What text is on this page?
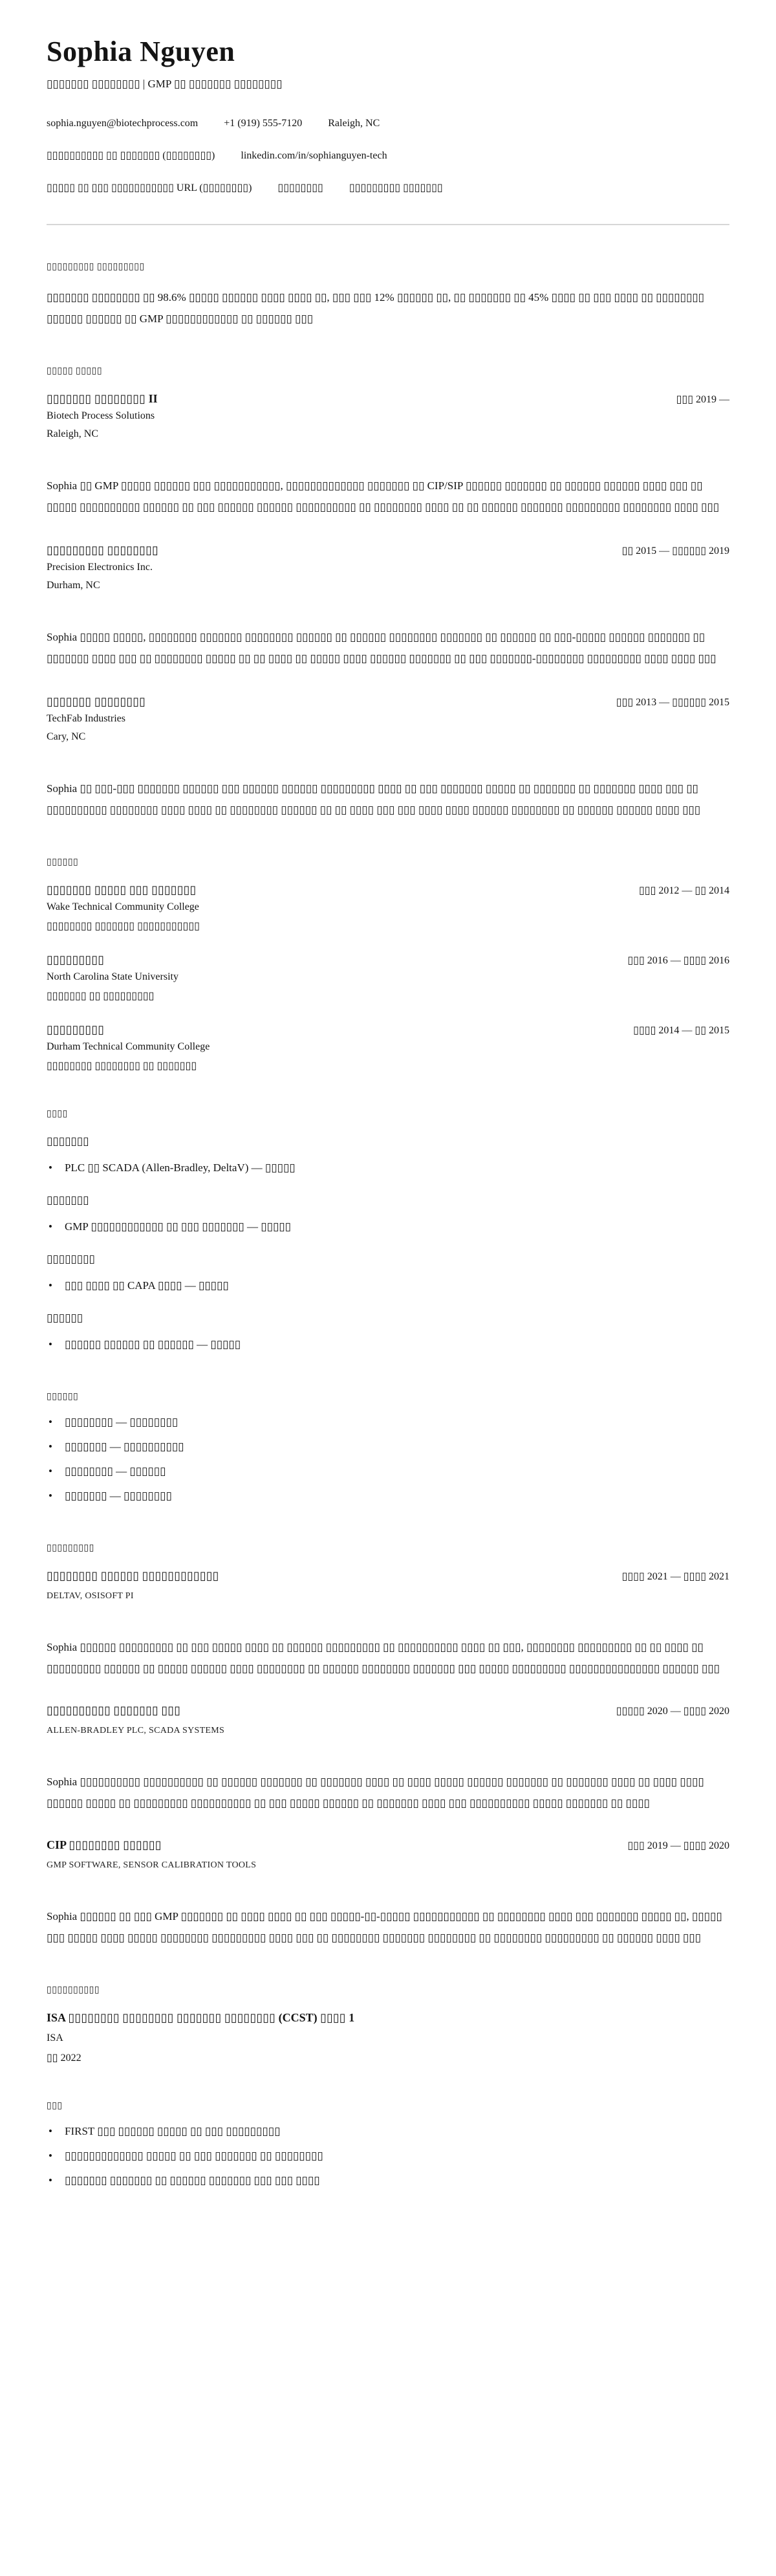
Sophia Nguyen
▯▯▯▯▯▯▯ ▯▯▯▯▯▯▯▯ | GMP ▯▯ ▯▯▯▯▯▯▯ ▯▯▯▯▯▯▯▯
sophia.nguyen@biotechprocess.com	+1 (919) 555-7120	Raleigh, NC
▯▯▯▯▯▯▯▯▯▯ ▯▯ ▯▯▯▯▯▯▯ (▯▯▯▯▯▯▯▯)	linkedin.com/in/sophianguyen-tech
▯▯▯▯▯ ▯▯ ▯▯▯ ▯▯▯▯▯▯▯▯▯▯▯ URL (▯▯▯▯▯▯▯▯)	▯▯▯▯▯▯▯▯	▯▯▯▯▯▯▯▯▯ ▯▯▯▯▯▯▯
▯▯▯▯▯▯▯▯▯ ▯▯▯▯▯▯▯▯▯
▯▯▯▯▯▯▯ ▯▯▯▯▯▯▯▯ ▯▯ 98.6% ▯▯▯▯▯ ▯▯▯▯▯▯ ▯▯▯▯ ▯▯▯▯ ▯▯, ▯▯▯ ▯▯▯ 12% ▯▯▯▯▯▯ ▯▯, ▯▯ ▯▯▯▯▯▯▯ ▯▯ 45% ▯▯▯▯ ▯▯ ▯▯▯ ▯▯▯▯ ▯▯ ▯▯▯▯▯▯▯▯ ▯▯▯▯▯▯ ▯▯▯▯▯▯ ▯▯ GMP ▯▯▯▯▯▯▯▯▯▯▯▯ ▯▯ ▯▯▯▯▯▯ ▯▯▯
▯▯▯▯▯ ▯▯▯▯▯
▯▯▯▯▯▯▯ ▯▯▯▯▯▯▯▯ II	▯▯▯ 2019 —
Biotech Process Solutions
Raleigh, NC
Sophia ▯▯ GMP ▯▯▯▯▯ ▯▯▯▯▯▯ ▯▯▯ ▯▯▯▯▯▯▯▯▯▯▯, ▯▯▯▯▯▯▯▯▯▯▯▯▯ ▯▯▯▯▯▯▯ ▯▯ CIP/SIP ▯▯▯▯▯▯ ▯▯▯▯▯▯▯ ▯▯ ▯▯▯▯▯▯ ▯▯▯▯▯▯ ▯▯▯▯ ▯▯▯ ▯▯ ▯▯▯▯▯ ▯▯▯▯▯▯▯▯▯▯ ▯▯▯▯▯▯ ▯▯ ▯▯▯ ▯▯▯▯▯▯ ▯▯▯▯▯▯ ▯▯▯▯▯▯▯▯▯▯ ▯▯ ▯▯▯▯▯▯▯▯ ▯▯▯▯ ▯▯ ▯▯ ▯▯▯▯▯▯ ▯▯▯▯▯▯▯ ▯▯▯▯▯▯▯▯▯ ▯▯▯▯▯▯▯▯ ▯▯▯▯ ▯▯▯
▯▯▯▯▯▯▯▯▯ ▯▯▯▯▯▯▯▯	▯▯ 2015 — ▯▯▯▯▯▯ 2019
Precision Electronics Inc.
Durham, NC
Sophia ▯▯▯▯▯ ▯▯▯▯▯, ▯▯▯▯▯▯▯▯ ▯▯▯▯▯▯▯ ▯▯▯▯▯▯▯▯ ▯▯▯▯▯▯ ▯▯ ▯▯▯▯▯▯ ▯▯▯▯▯▯▯▯ ▯▯▯▯▯▯▯ ▯▯ ▯▯▯▯▯▯ ▯▯ ▯▯▯-▯▯▯▯▯ ▯▯▯▯▯▯ ▯▯▯▯▯▯▯ ▯▯ ▯▯▯▯▯▯▯ ▯▯▯▯ ▯▯▯ ▯▯ ▯▯▯▯▯▯▯▯ ▯▯▯▯▯ ▯▯ ▯▯ ▯▯▯▯ ▯▯ ▯▯▯▯▯ ▯▯▯▯ ▯▯▯▯▯▯ ▯▯▯▯▯▯▯ ▯▯ ▯▯▯ ▯▯▯▯▯▯▯-▯▯▯▯▯▯▯▯ ▯▯▯▯▯▯▯▯▯ ▯▯▯▯ ▯▯▯▯ ▯▯▯
▯▯▯▯▯▯▯ ▯▯▯▯▯▯▯▯	▯▯▯ 2013 — ▯▯▯▯▯▯ 2015
TechFab Industries
Cary, NC
Sophia ▯▯ ▯▯▯-▯▯▯ ▯▯▯▯▯▯▯ ▯▯▯▯▯▯ ▯▯▯ ▯▯▯▯▯▯ ▯▯▯▯▯▯ ▯▯▯▯▯▯▯▯▯ ▯▯▯▯ ▯▯ ▯▯▯ ▯▯▯▯▯▯▯ ▯▯▯▯▯ ▯▯ ▯▯▯▯▯▯▯ ▯▯ ▯▯▯▯▯▯▯ ▯▯▯▯ ▯▯▯ ▯▯ ▯▯▯▯▯▯▯▯▯▯ ▯▯▯▯▯▯▯▯ ▯▯▯▯ ▯▯▯▯ ▯▯ ▯▯▯▯▯▯▯▯ ▯▯▯▯▯▯ ▯▯ ▯▯ ▯▯▯▯ ▯▯▯ ▯▯▯ ▯▯▯▯ ▯▯▯▯ ▯▯▯▯▯▯ ▯▯▯▯▯▯▯▯ ▯▯ ▯▯▯▯▯▯ ▯▯▯▯▯▯ ▯▯▯▯ ▯▯▯
▯▯▯▯▯▯
▯▯▯▯▯▯▯ ▯▯▯▯▯ ▯▯▯ ▯▯▯▯▯▯▯	▯▯▯ 2012 — ▯▯ 2014
Wake Technical Community College
▯▯▯▯▯▯▯▯ ▯▯▯▯▯▯▯ ▯▯▯▯▯▯▯▯▯▯▯
▯▯▯▯▯▯▯▯▯	▯▯▯ 2016 — ▯▯▯▯ 2016
North Carolina State University
▯▯▯▯▯▯▯ ▯▯ ▯▯▯▯▯▯▯▯▯
▯▯▯▯▯▯▯▯▯	▯▯▯▯ 2014 — ▯▯ 2015
Durham Technical Community College
▯▯▯▯▯▯▯▯ ▯▯▯▯▯▯▯▯ ▯▯ ▯▯▯▯▯▯▯
▯▯▯▯
▯▯▯▯▯▯▯
•	PLC ▯▯ SCADA (Allen-Bradley, DeltaV) — ▯▯▯▯▯
▯▯▯▯▯▯▯
•	GMP ▯▯▯▯▯▯▯▯▯▯▯▯ ▯▯ ▯▯▯ ▯▯▯▯▯▯▯ — ▯▯▯▯▯
▯▯▯▯▯▯▯▯
•	▯▯▯ ▯▯▯▯ ▯▯ CAPA ▯▯▯▯ — ▯▯▯▯▯
▯▯▯▯▯▯
•	▯▯▯▯▯▯ ▯▯▯▯▯▯ ▯▯ ▯▯▯▯▯▯ — ▯▯▯▯▯
▯▯▯▯▯▯
•	▯▯▯▯▯▯▯▯ — ▯▯▯▯▯▯▯▯
•	▯▯▯▯▯▯▯ — ▯▯▯▯▯▯▯▯▯▯
•	▯▯▯▯▯▯▯▯ — ▯▯▯▯▯▯
•	▯▯▯▯▯▯▯ — ▯▯▯▯▯▯▯▯
▯▯▯▯▯▯▯▯▯
▯▯▯▯▯▯▯▯ ▯▯▯▯▯▯ ▯▯▯▯▯▯▯▯▯▯▯▯	▯▯▯▯ 2021 — ▯▯▯▯ 2021
DELTAV, OSISOFT PI
Sophia ▯▯▯▯▯▯ ▯▯▯▯▯▯▯▯▯ ▯▯ ▯▯▯ ▯▯▯▯▯ ▯▯▯▯ ▯▯ ▯▯▯▯▯▯ ▯▯▯▯▯▯▯▯▯ ▯▯ ▯▯▯▯▯▯▯▯▯▯ ▯▯▯▯ ▯▯ ▯▯▯, ▯▯▯▯▯▯▯▯ ▯▯▯▯▯▯▯▯▯ ▯▯ ▯▯ ▯▯▯▯ ▯▯ ▯▯▯▯▯▯▯▯▯ ▯▯▯▯▯▯ ▯▯ ▯▯▯▯▯ ▯▯▯▯▯▯ ▯▯▯▯ ▯▯▯▯▯▯▯▯ ▯▯ ▯▯▯▯▯▯ ▯▯▯▯▯▯▯▯ ▯▯▯▯▯▯▯ ▯▯▯ ▯▯▯▯▯ ▯▯▯▯▯▯▯▯▯ ▯▯▯▯▯▯▯▯▯▯▯▯▯▯▯ ▯▯▯▯▯▯ ▯▯▯
▯▯▯▯▯▯▯▯▯▯ ▯▯▯▯▯▯▯ ▯▯▯	▯▯▯▯▯ 2020 — ▯▯▯▯ 2020
ALLEN-BRADLEY PLC, SCADA SYSTEMS
Sophia ▯▯▯▯▯▯▯▯▯▯ ▯▯▯▯▯▯▯▯▯▯ ▯▯ ▯▯▯▯▯▯ ▯▯▯▯▯▯▯ ▯▯ ▯▯▯▯▯▯▯ ▯▯▯▯ ▯▯ ▯▯▯▯ ▯▯▯▯▯ ▯▯▯▯▯▯ ▯▯▯▯▯▯▯ ▯▯ ▯▯▯▯▯▯▯ ▯▯▯▯ ▯▯ ▯▯▯▯ ▯▯▯▯ ▯▯▯▯▯▯ ▯▯▯▯▯ ▯▯ ▯▯▯▯▯▯▯▯▯ ▯▯▯▯▯▯▯▯▯▯ ▯▯ ▯▯▯ ▯▯▯▯▯ ▯▯▯▯▯▯ ▯▯ ▯▯▯▯▯▯▯ ▯▯▯▯ ▯▯▯ ▯▯▯▯▯▯▯▯▯▯ ▯▯▯▯▯ ▯▯▯▯▯▯▯ ▯▯ ▯▯▯▯
CIP ▯▯▯▯▯▯▯▯ ▯▯▯▯▯▯	▯▯▯ 2019 — ▯▯▯▯ 2020
GMP SOFTWARE, SENSOR CALIBRATION TOOLS
Sophia ▯▯▯▯▯▯ ▯▯ ▯▯▯ GMP ▯▯▯▯▯▯▯ ▯▯ ▯▯▯▯ ▯▯▯▯ ▯▯ ▯▯▯ ▯▯▯▯▯-▯▯-▯▯▯▯▯ ▯▯▯▯▯▯▯▯▯▯▯ ▯▯ ▯▯▯▯▯▯▯▯ ▯▯▯▯ ▯▯▯ ▯▯▯▯▯▯▯ ▯▯▯▯▯ ▯▯, ▯▯▯▯▯ ▯▯▯ ▯▯▯▯▯ ▯▯▯▯ ▯▯▯▯▯ ▯▯▯▯▯▯▯▯ ▯▯▯▯▯▯▯▯▯ ▯▯▯▯ ▯▯▯ ▯▯ ▯▯▯▯▯▯▯▯ ▯▯▯▯▯▯▯ ▯▯▯▯▯▯▯▯ ▯▯ ▯▯▯▯▯▯▯▯ ▯▯▯▯▯▯▯▯▯ ▯▯ ▯▯▯▯▯▯ ▯▯▯▯ ▯▯▯
▯▯▯▯▯▯▯▯▯▯
ISA ▯▯▯▯▯▯▯▯ ▯▯▯▯▯▯▯▯ ▯▯▯▯▯▯▯ ▯▯▯▯▯▯▯▯ (CCST) ▯▯▯▯ 1
ISA
▯▯ 2022
▯▯▯
•	FIRST ▯▯▯ ▯▯▯▯▯▯ ▯▯▯▯▯ ▯▯ ▯▯▯ ▯▯▯▯▯▯▯▯▯
•	▯▯▯▯▯▯▯▯▯▯▯▯▯ ▯▯▯▯▯ ▯▯ ▯▯▯ ▯▯▯▯▯▯▯ ▯▯ ▯▯▯▯▯▯▯▯
•	▯▯▯▯▯▯▯ ▯▯▯▯▯▯▯ ▯▯ ▯▯▯▯▯▯ ▯▯▯▯▯▯▯ ▯▯▯ ▯▯▯ ▯▯▯▯
